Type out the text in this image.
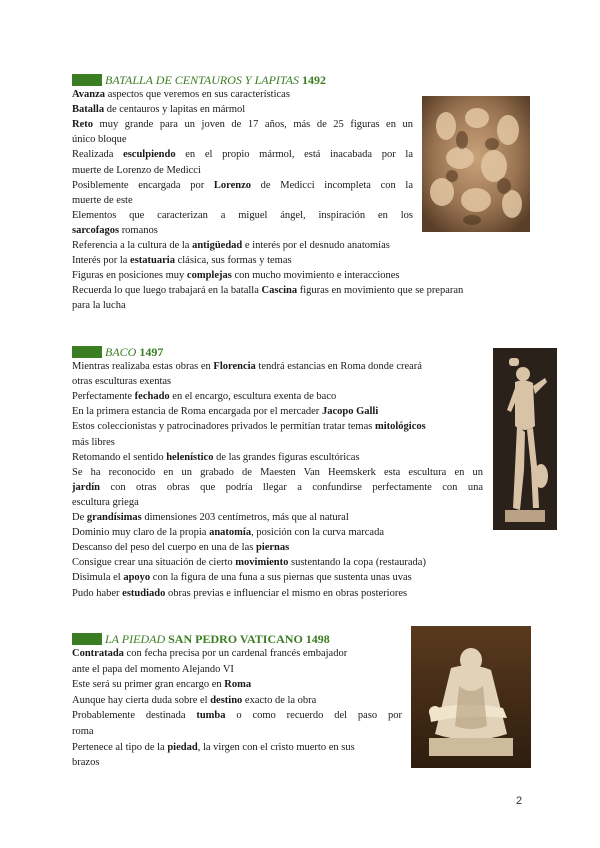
BATALLA DE CENTAUROS Y LAPITAS 1492
Avanza aspectos que veremos en sus características
Batalla de centauros y lapitas en mármol
Reto muy grande para un joven de 17 años, más de 25 figuras en un
único bloque
Realizada esculpiendo en el propio mármol, está inacabada por la
muerte de Lorenzo de Medicci
Posiblemente encargada por Lorenzo de Medicci incompleta con la
muerte de este
Elementos que caracterizan a miguel ángel, inspiración en los
sarcofagos romanos
Referencia a la cultura de la antigüedad e interés por el desnudo anatomías
Interés por la estatuaria clásica, sus formas y temas
Figuras en posiciones muy complejas con mucho movimiento e interacciones
Recuerda lo que luego trabajará en la batalla Cascina figuras en movimiento que se preparan
para la lucha
BACO 1497
Mientras realizaba estas obras en Florencia tendrá estancias en Roma donde creará
otras esculturas exentas
Perfectamente fechado en el encargo, escultura exenta de baco
En la primera estancia de Roma encargada por el mercader Jacopo Galli
Estos coleccionistas y patrocinadores privados le permitían tratar temas mitológicos
más libres
Retomando el sentido helenístico de las grandes figuras escultóricas
Se ha reconocido en un grabado de Maesten Van Heemskerk esta escultura en un
jardín con otras obras que podría llegar a confundirse perfectamente con una
escultura griega
De grandísimas dimensiones 203 centímetros, más que al natural
Dominio muy claro de la propia anatomía, posición con la curva marcada
Descanso del peso del cuerpo en una de las piernas
Consigue crear una situación de cierto movimiento sustentando la copa (restaurada)
Disimula el apoyo con la figura de una funa a sus piernas que sustenta unas uvas
Pudo haber estudiado obras previas e influenciar el mismo en obras posteriores
LA PIEDAD SAN PEDRO VATICANO 1498
Contratada con fecha precisa por un cardenal francés embajador
ante el papa del momento Alejando VI
Este será su primer gran encargo en Roma
Aunque hay cierta duda sobre el destino exacto de la obra
Probablemente destinada tumba o como recuerdo del paso por
roma
Pertenece al tipo de la piedad, la virgen con el cristo muerto en sus
brazos
2
